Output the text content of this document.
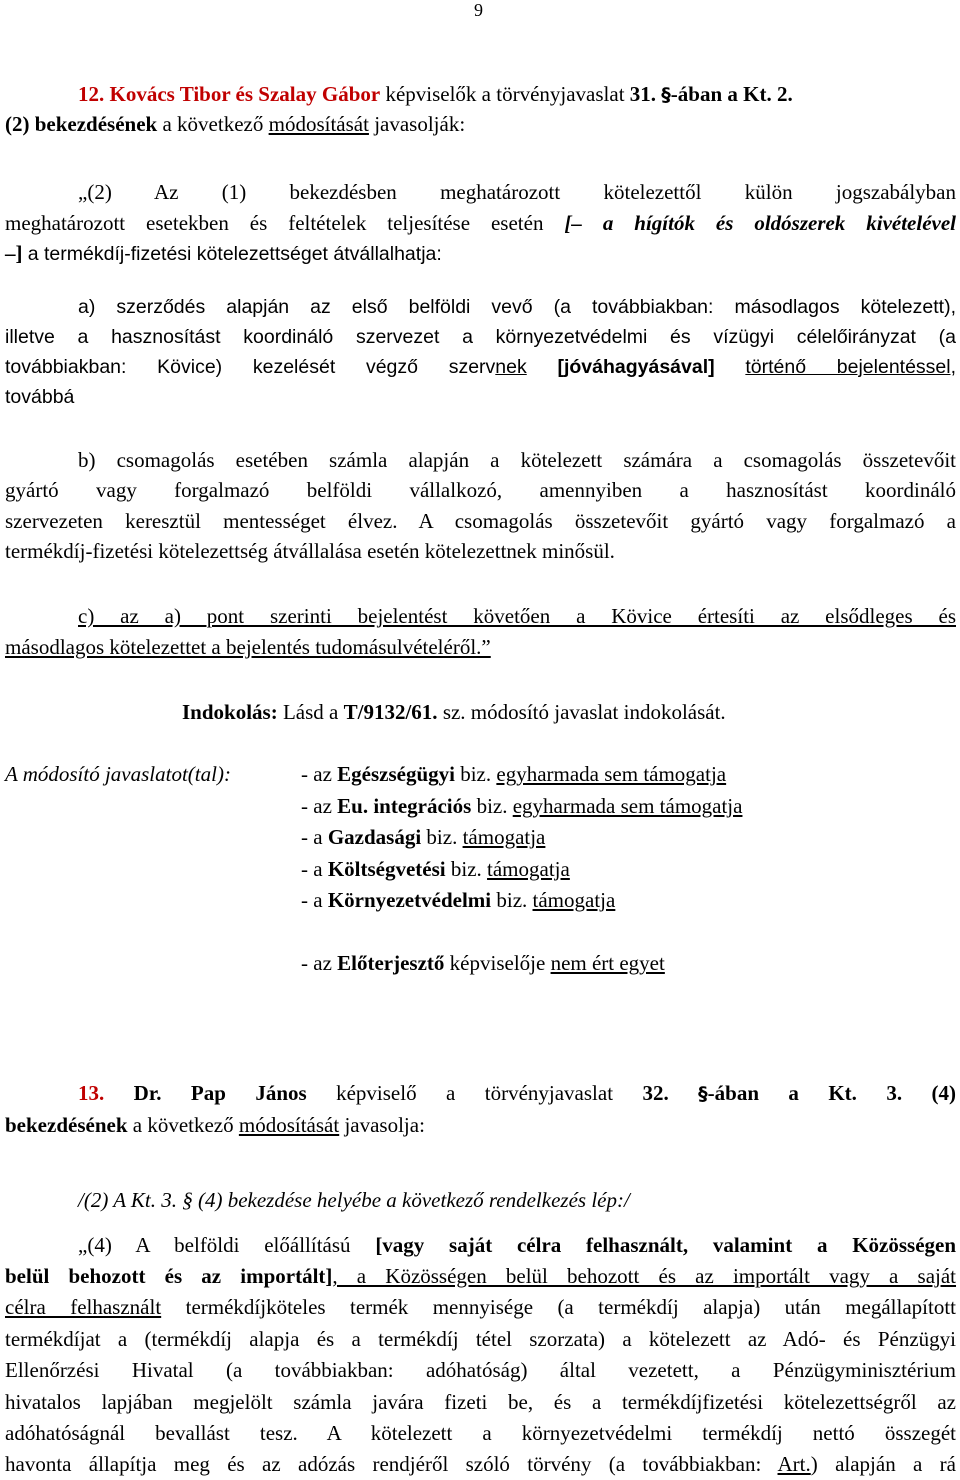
9
12. Kovács Tibor és Szalay Gábor képviselők a törvényjavaslat 31. §-ában a Kt. 2.
(2) bekezdésének a következő módosítását javasolják:
„(2) Az (1) bekezdésben meghatározott kötelezettől külön jogszabályban
meghatározott esetekben és feltételek teljesítése esetén [– a hígítók és oldószerek kivételével
–] a termékdíj-fizetési kötelezettséget átvállalhatja:
a) szerződés alapján az első belföldi vevő (a továbbiakban: másodlagos kötelezett),
illetve a hasznosítást koordináló szervezet a környezetvédelmi és vízügyi célelőirányzat (a
továbbiakban: Kövice) kezelését végző szervnek [jóváhagyásával] történő bejelentéssel,
továbbá
b) csomagolás esetében számla alapján a kötelezett számára a csomagolás összetevőit
gyártó vagy forgalmazó belföldi vállalkozó, amennyiben a hasznosítást koordináló
szervezeten keresztül mentességet élvez. A csomagolás összetevőit gyártó vagy forgalmazó a
termékdíj-fizetési kötelezettség átvállalása esetén kötelezettnek minősül.
c) az a) pont szerinti bejelentést követően a Kövice értesíti az elsődleges és
másodlagos kötelezettet a bejelentés tudomásulvételéről.”
Indokolás: Lásd a T/9132/61. sz. módosító javaslat indokolását.
A módosító javaslatot(tal):	- az Egészségügyi biz. egyharmada sem támogatja
- az Eu. integrációs biz. egyharmada sem támogatja
- a Gazdasági biz. támogatja
- a Költségvetési biz. támogatja
- a Környezetvédelmi biz. támogatja
- az Előterjesztő képviselője nem ért egyet
13. Dr. Pap János képviselő a törvényjavaslat 32. §-ában a Kt. 3. (4)
bekezdésének a következő módosítását javasolja:
/(2) A Kt. 3. § (4) bekezdése helyébe a következő rendelkezés lép:/
„(4) A belföldi előállítású [vagy saját célra felhasznált, valamint a Közösségen
belül behozott és az importált], a Közösségen belül behozott és az importált vagy a saját
célra felhasznált termékdíjköteles termék mennyisége (a termékdíj alapja) után megállapított
termékdíjat a (termékdíj alapja és a termékdíj tétel szorzata) a kötelezett az Adó- és Pénzügyi
Ellenőrzési Hivatal (a továbbiakban: adóhatóság) által vezetett, a Pénzügyminisztérium
hivatalos lapjában megjelölt számla javára fizeti be, és a termékdíjfizetési kötelezettségről az
adóhatóságnál bevallást tesz. A kötelezett a környezetvédelmi termékdíj nettó összegét
havonta állapítja meg és az adózás rendjéről szóló törvény (a továbbiakban: Art.) alapján a rá
